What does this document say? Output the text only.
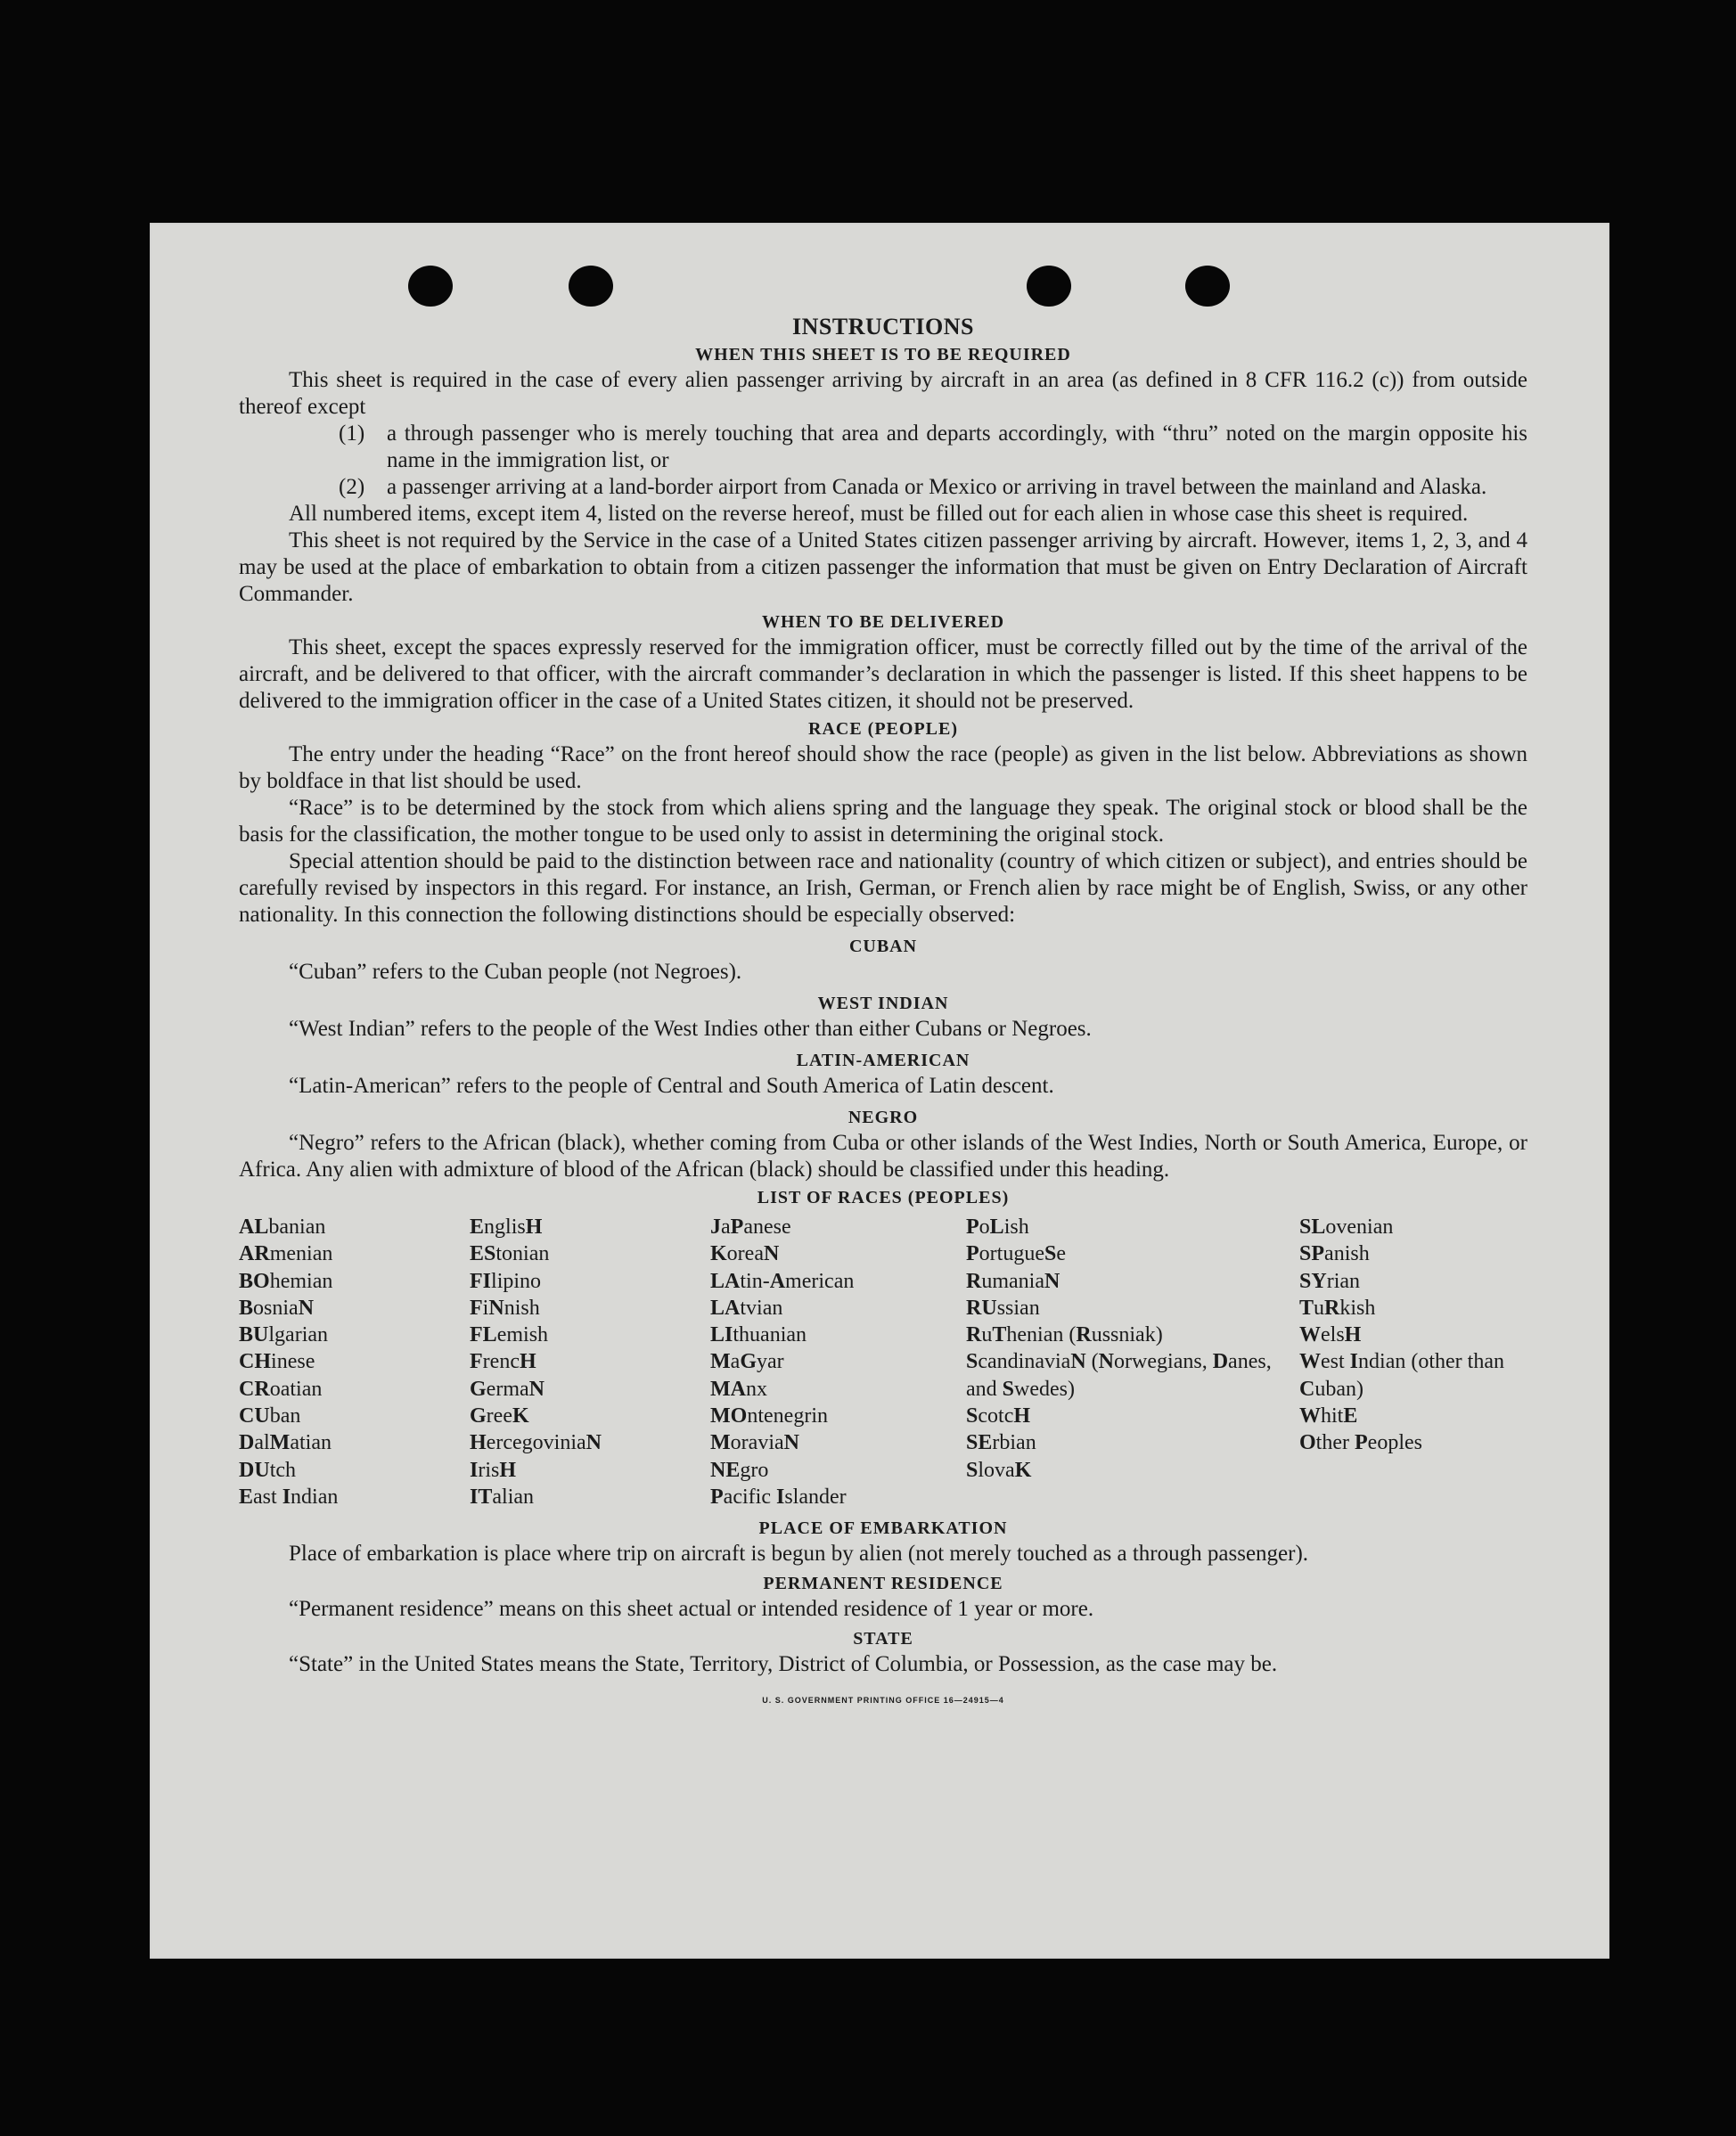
INSTRUCTIONS
WHEN THIS SHEET IS TO BE REQUIRED

This sheet is required in the case of every alien passenger arriving by aircraft in an area (as defined in 8 CFR 116.2 (c)) from outside thereof except

(1) a through passenger who is merely touching that area and departs accordingly, with “thru” noted on the margin opposite his name in the immigration list, or
(2) a passenger arriving at a land-border airport from Canada or Mexico or arriving in travel between the mainland and Alaska.

All numbered items, except item 4, listed on the reverse hereof, must be filled out for each alien in whose case this sheet is required.

This sheet is not required by the Service in the case of a United States citizen passenger arriving by aircraft. However, items 1, 2, 3, and 4 may be used at the place of embarkation to obtain from a citizen passenger the information that must be given on Entry Declaration of Aircraft Commander.

WHEN TO BE DELIVERED

This sheet, except the spaces expressly reserved for the immigration officer, must be correctly filled out by the time of the arrival of the aircraft, and be delivered to that officer, with the aircraft commander’s declaration in which the passenger is listed. If this sheet happens to be delivered to the immigration officer in the case of a United States citizen, it should not be preserved.

RACE (PEOPLE)

The entry under the heading “Race” on the front hereof should show the race (people) as given in the list below. Abbreviations as shown by boldface in that list should be used.

“Race” is to be determined by the stock from which aliens spring and the language they speak. The original stock or blood shall be the basis for the classification, the mother tongue to be used only to assist in determining the original stock.

Special attention should be paid to the distinction between race and nationality (country of which citizen or subject), and entries should be carefully revised by inspectors in this regard. For instance, an Irish, German, or French alien by race might be of English, Swiss, or any other nationality. In this connection the following distinctions should be especially observed:

CUBAN

“Cuban” refers to the Cuban people (not Negroes).

WEST INDIAN

“West Indian” refers to the people of the West Indies other than either Cubans or Negroes.

LATIN-AMERICAN

“Latin-American” refers to the people of Central and South America of Latin descent.

NEGRO

“Negro” refers to the African (black), whether coming from Cuba or other islands of the West Indies, North or South America, Europe, or Africa. Any alien with admixture of blood of the African (black) should be classified under this heading.

LIST OF RACES (PEOPLES)
ALbanian
ARmenian
BOhemian
BosniaN
BUlgarian
CHinese
CRoatian
CUban
DalMatian
DUtch
East Indian
EnglisH
EStonian
FIlipino
FiNnish
FLemish
FrencH
GermaN
GreeK
HercegoviniaN
IrisH
ITalian
JaPanese
KoreaN
LAtin-American
LAtvian
LIthuanian
MaGyar
MAnx
MOntenegrin
MoraviaN
NEgro
Pacific Islander
PoLish
PortugueSe
RumaniaN
RUssian
RuThenian (Russniak)
ScandinaviaN (Norwegians, Danes, and Swedes)
ScotcH
SErbian
SlovaK
SLovenian
SPanish
SYrian
TuRkish
WelsH
West Indian (other than Cuban)
WhitE
Other Peoples
PLACE OF EMBARKATION

Place of embarkation is place where trip on aircraft is begun by alien (not merely touched as a through passenger).

PERMANENT RESIDENCE

“Permanent residence” means on this sheet actual or intended residence of 1 year or more.

STATE

“State” in the United States means the State, Territory, District of Columbia, or Possession, as the case may be.

U. S. GOVERNMENT PRINTING OFFICE 16—24915—4
